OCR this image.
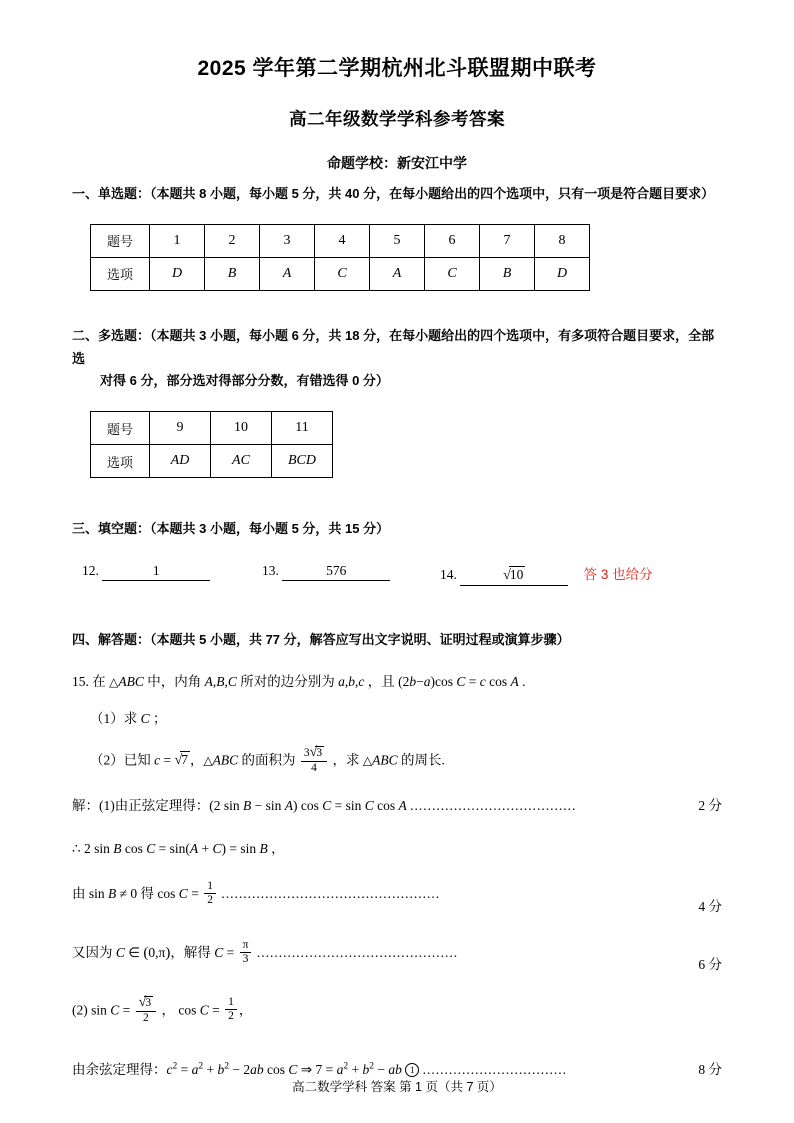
2025 学年第二学期杭州北斗联盟期中联考
高二年级数学学科参考答案
命题学校：新安江中学
一、单选题：（本题共 8 小题，每小题 5 分，共 40 分，在每小题给出的四个选项中，只有一项是符合题目要求）
题号	1	2	3	4	5	6	7	8
选项	D	B	A	C	A	C	B	D
二、多选题：（本题共 3 小题，每小题 6 分，共 18 分，在每小题给出的四个选项中，有多项符合题目要求，全部选
对得 6 分，部分选对得部分分数，有错选得 0 分）
题号	9	10	11
选项	AD	AC	BCD
三、填空题：（本题共 3 小题，每小题 5 分，共 15 分）
12.	1	13.	576	14.	√10	答 3 也给分
四、解答题：（本题共 5 小题，共 77 分，解答应写出文字说明、证明过程或演算步骤）
15. 在 △ABC 中，内角 A,B,C 所对的边分别为 a,b,c ，且 (2b−a)cos C = c cos A .
（1）求 C ；
（2）已知 c = √7 ，△ABC 的面积为 $\frac{3√3}{4}$ ，求 △ABC 的周长.
解：(1)由正弦定理得：(2 sin B − sin A) cos C = sin C cos A ......................................	2 分
∴ 2 sin B cos C = sin(A + C) = sin B ，
由 sin B ≠ 0 得 $\cos C = \frac{1}{2}$ ..................................................
4 分
又因为 C ∈ (0,π)，解得 $C = \frac{\pi}{3}$ ..............................................
6 分
(2) $\sin C = \frac{√3}{2}$ ， $\cos C = \frac{1}{2}$ ，
由余弦定理得：$c^2 = a^2 + b^2 - 2ab$ cos C ⇒ $7 = a^2 + b^2$ − ab 1 .................................	8 分
高二数学学科 答案 第 1 页（共 7 页）
